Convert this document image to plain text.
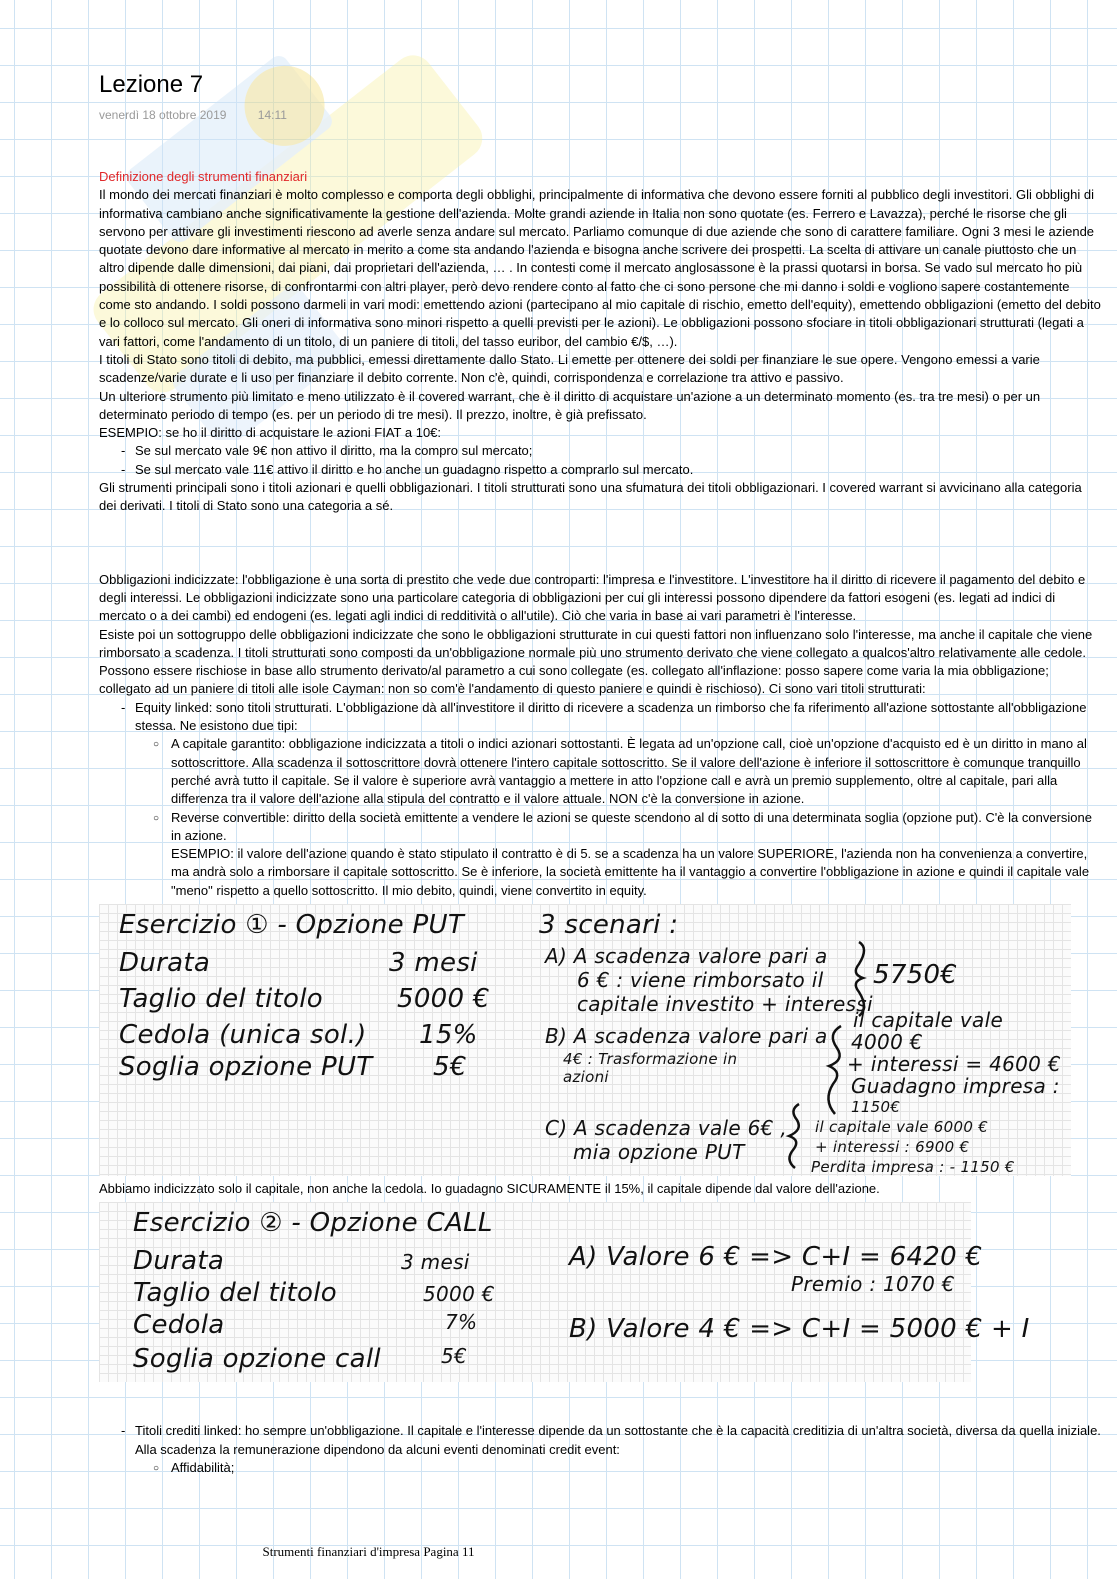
Lezione 7
venerdì 18 ottobre 2019	14:11

Definizione degli strumenti finanziari

Il mondo dei mercati finanziari è molto complesso e comporta degli obblighi, principalmente di informativa che devono essere forniti al pubblico degli investitori. Gli obblighi di informativa cambiano anche significativamente la gestione dell'azienda. Molte grandi aziende in Italia non sono quotate (es. Ferrero e Lavazza), perché le risorse che gli servono per attivare gli investimenti riescono ad averle senza andare sul mercato. Parliamo comunque di due aziende che sono di carattere familiare. Ogni 3 mesi le aziende quotate devono dare informative al mercato in merito a come sta andando l'azienda e bisogna anche scrivere dei prospetti. La scelta di attivare un canale piuttosto che un altro dipende dalle dimensioni, dai piani, dai proprietari dell'azienda, … . In contesti come il mercato anglosassone è la prassi quotarsi in borsa. Se vado sul mercato ho più possibilità di ottenere risorse, di confrontarmi con altri player, però devo rendere conto al fatto che ci sono persone che mi danno i soldi e vogliono sapere costantemente come sto andando. I soldi possono darmeli in vari modi: emettendo azioni (partecipano al mio capitale di rischio, emetto dell'equity), emettendo obbligazioni (emetto del debito e lo colloco sul mercato. Gli oneri di informativa sono minori rispetto a quelli previsti per le azioni). Le obbligazioni possono sfociare in titoli obbligazionari strutturati (legati a vari fattori, come l'andamento di un titolo, di un paniere di titoli, del tasso euribor, del cambio €/$, …).

I titoli di Stato sono titoli di debito, ma pubblici, emessi direttamente dallo Stato. Li emette per ottenere dei soldi per finanziare le sue opere. Vengono emessi a varie scadenze/varie durate e li uso per finanziare il debito corrente. Non c'è, quindi, corrispondenza e correlazione tra attivo e passivo.

Un ulteriore strumento più limitato e meno utilizzato è il covered warrant, che è il diritto di acquistare un'azione a un determinato momento (es. tra tre mesi) o per un determinato periodo di tempo (es. per un periodo di tre mesi). Il prezzo, inoltre, è già prefissato.

ESEMPIO: se ho il diritto di acquistare le azioni FIAT a 10€:

- Se sul mercato vale 9€ non attivo il diritto, ma la compro sul mercato;
- Se sul mercato vale 11€ attivo il diritto e ho anche un guadagno rispetto a comprarlo sul mercato.

Gli strumenti principali sono i titoli azionari e quelli obbligazionari. I titoli strutturati sono una sfumatura dei titoli obbligazionari. I covered warrant si avvicinano alla categoria dei derivati. I titoli di Stato sono una categoria a sé.

Obbligazioni indicizzate: l'obbligazione è una sorta di prestito che vede due controparti: l'impresa e l'investitore. L'investitore ha il diritto di ricevere il pagamento del debito e degli interessi. Le obbligazioni indicizzate sono una particolare categoria di obbligazioni per cui gli interessi possono dipendere da fattori esogeni (es. legati ad indici di mercato o a dei cambi) ed endogeni (es. legati agli indici di redditività o all'utile). Ciò che varia in base ai vari parametri è l'interesse.

Esiste poi un sottogruppo delle obbligazioni indicizzate che sono le obbligazioni strutturate in cui questi fattori non influenzano solo l'interesse, ma anche il capitale che viene rimborsato a scadenza. I titoli strutturati sono composti da un'obbligazione normale più uno strumento derivato che viene collegato a qualcos'altro relativamente alle cedole. Possono essere rischiose in base allo strumento derivato/al parametro a cui sono collegate (es. collegato all'inflazione: posso sapere come varia la mia obbligazione; collegato ad un paniere di titoli alle isole Cayman: non so com'è l'andamento di questo paniere e quindi è rischioso). Ci sono vari titoli strutturati:

- Equity linked: sono titoli strutturati. L'obbligazione dà all'investitore il diritto di ricevere a scadenza un rimborso che fa riferimento all'azione sottostante all'obbligazione stessa. Ne esistono due tipi:
○ A capitale garantito: obbligazione indicizzata a titoli o indici azionari sottostanti. È legata ad un'opzione call, cioè un'opzione d'acquisto ed è un diritto in mano al sottoscrittore. Alla scadenza il sottoscrittore dovrà ottenere l'intero capitale sottoscritto. Se il valore dell'azione è inferiore il sottoscrittore è comunque tranquillo perché avrà tutto il capitale. Se il valore è superiore avrà vantaggio a mettere in atto l'opzione call e avrà un premio supplemento, oltre al capitale, pari alla differenza tra il valore dell'azione alla stipula del contratto e il valore attuale. NON c'è la conversione in azione.
○ Reverse convertible: diritto della società emittente a vendere le azioni se queste scendono al di sotto di una determinata soglia (opzione put). C'è la conversione in azione.
ESEMPIO: il valore dell'azione quando è stato stipulato il contratto è di 5. se a scadenza ha un valore SUPERIORE, l'azienda non ha convenienza a convertire, ma andrà solo a rimborsare il capitale sottoscritto. Se è inferiore, la società emittente ha il vantaggio a convertire l'obbligazione in azione e quindi il capitale vale "meno" rispetto a quello sottoscritto. Il mio debito, quindi, viene convertito in equity.
Esercizio ① - Opzione PUT
Durata	3 mesi
Taglio del titolo	5000 €
Cedola (unica sol.) 15%
Soglia opzione PUT 5€
3 scenari :
A) A scadenza valore pari a
6 € : viene rimborsato il
capitale investito + interessi
5750€
B) A scadenza valore pari a
4€ : Trasformazione in
azioni
il capitale vale
4000 €
+ interessi = 4600 €
Guadagno impresa :
1150€
C) A scadenza vale 6€ ,
mia opzione PUT
il capitale vale 6000 €
+ interessi : 6900 €
Perdita impresa : - 1150 €

Abbiamo indicizzato solo il capitale, non anche la cedola. Io guadagno SICURAMENTE il 15%, il capitale dipende dal valore dell'azione.

Esercizio ② - Opzione CALL
Durata	3 mesi
Taglio del titolo	5000 €
Cedola	7%
Soglia opzione call	5€
A) Valore 6 € => C+I = 6420 €
Premio : 1070 €
B) Valore 4 € => C+I = 5000 € + I
- Titoli crediti linked: ho sempre un'obbligazione. Il capitale e l'interesse dipende da un sottostante che è la capacità creditizia di un'altra società, diversa da quella iniziale. Alla scadenza la remunerazione dipendono da alcuni eventi denominati credit event:
○ Affidabilità;
Strumenti finanziari d'impresa Pagina 11
